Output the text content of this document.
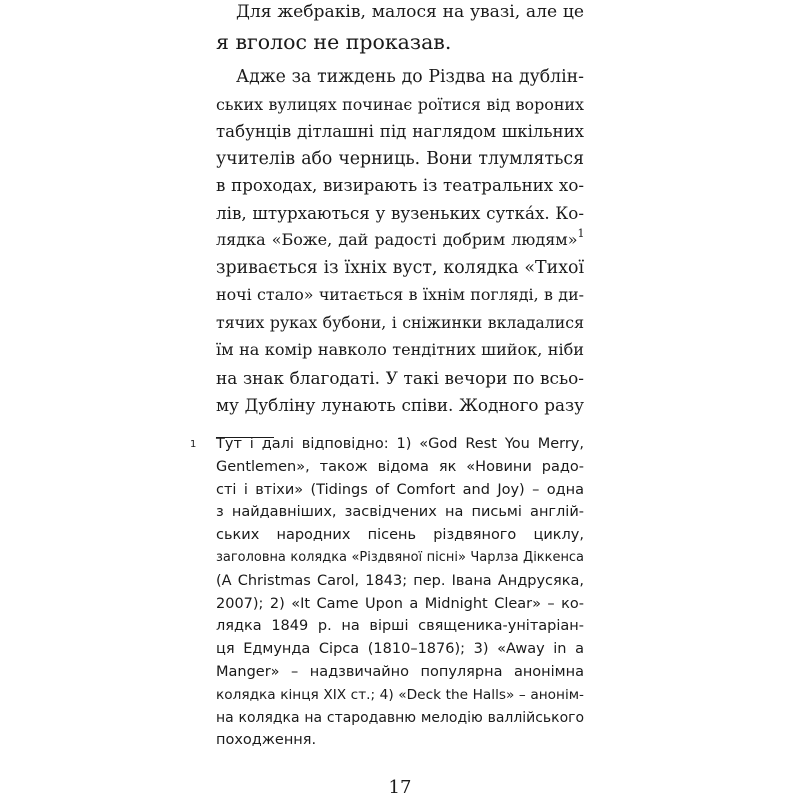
Для жебраків, малося на увазі, але це
я вголос не проказав.
Адже за тиждень до Різдва на дублін-
ських вулицях починає роїтися від вороних
табунців дітлашні під наглядом шкільних
учителів або черниць. Вони тлумляться
в проходах, визирають із театральних хо-
лів, штурхаються у вузеньких сутка́х. Ко-
лядка «Боже, дай радості добрим людям»$^1$
зривається із їхніх вуст, колядка «Тихої
ночі стало» читається в їхнім погляді, в ди-
тячих руках бубони, і сніжинки вкладалися
їм на комір навколо тендітних шийок, ніби
на знак благодаті. У такі вечори по всьо-
му Дубліну лунають співи. Жодного разу
1 Тут і далі відповідно: 1) «God Rest You Merry,
Gentlemen», також відома як «Новини радо-
сті і втіхи» (Tidings of Comfort and Joy) – одна
з найдавніших, засвідчених на письмі англій-
ських народних пісень різдвяного циклу,
заголовна колядка «Різдвяної пісні» Чарлза Діккенса
(A Christmas Carol, 1843; пер. Івана Андрусяка,
2007); 2) «It Came Upon a Midnight Clear» – ко-
лядка 1849 р. на вірші священика-унітаріан-
ця Едмунда Сірса (1810–1876); 3) «Away in a
Manger» – надзвичайно популярна анонімна
колядка кінця XIX ст.; 4) «Deck the Halls» – анонім-
на колядка на стародавню мелодію валлійського
походження.
17
